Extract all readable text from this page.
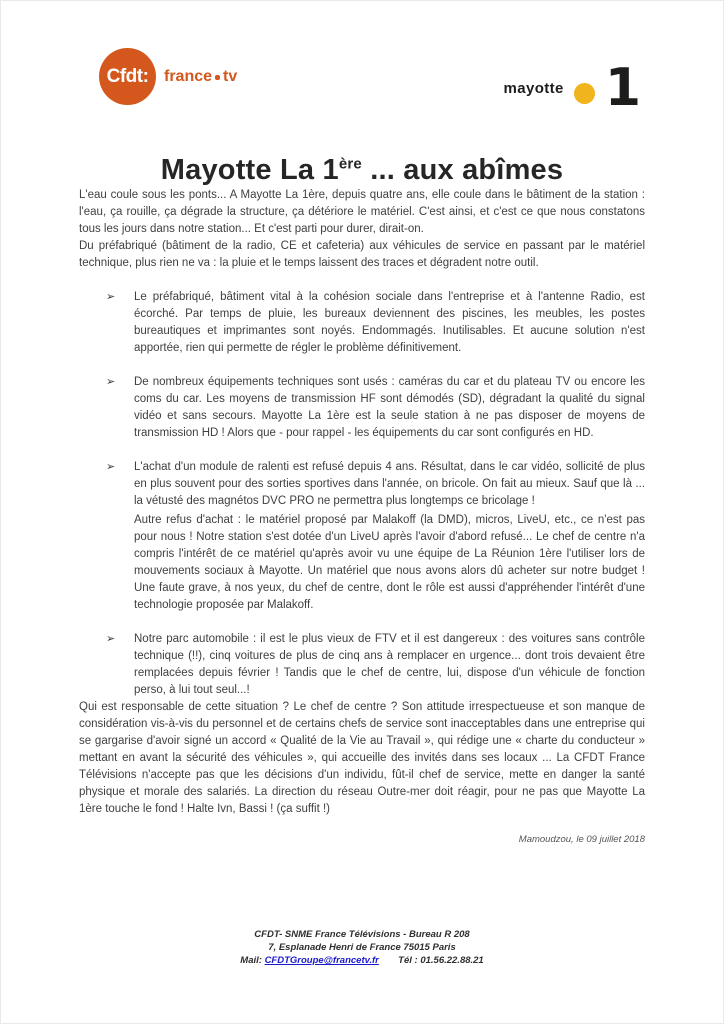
Cfdt: france tv
mayotte 1
Mayotte La 1ère ... aux abîmes

L'eau coule sous les ponts... A Mayotte La 1ère, depuis quatre ans, elle coule dans le bâtiment de la station : l'eau, ça rouille, ça dégrade la structure, ça détériore le matériel. C'est ainsi, et c'est ce que nous constatons tous les jours dans notre station... Et c'est parti pour durer, dirait-on.

Du préfabriqué (bâtiment de la radio, CE et cafeteria) aux véhicules de service en passant par le matériel technique, plus rien ne va : la pluie et le temps laissent des traces et dégradent notre outil.

➢ Le préfabriqué, bâtiment vital à la cohésion sociale dans l'entreprise et à l'antenne Radio, est écorché. Par temps de pluie, les bureaux deviennent des piscines, les meubles, les postes bureautiques et imprimantes sont noyés. Endommagés. Inutilisables. Et aucune solution n'est apportée, rien qui permette de régler le problème définitivement.

➢ De nombreux équipements techniques sont usés : caméras du car et du plateau TV ou encore les coms du car. Les moyens de transmission HF sont démodés (SD), dégradant la qualité du signal vidéo et sans secours. Mayotte La 1ère est la seule station à ne pas disposer de moyens de transmission HD ! Alors que - pour rappel - les équipements du car sont configurés en HD.

➢ L'achat d'un module de ralenti est refusé depuis 4 ans. Résultat, dans le car vidéo, sollicité de plus en plus souvent pour des sorties sportives dans l'année, on bricole. On fait au mieux. Sauf que là ... la vétusté des magnétos DVC PRO ne permettra plus longtemps ce bricolage !

Autre refus d'achat : le matériel proposé par Malakoff (la DMD), micros, LiveU, etc., ce n'est pas pour nous ! Notre station s'est dotée d'un LiveU après l'avoir d'abord refusé... Le chef de centre n'a compris l'intérêt de ce matériel qu'après avoir vu une équipe de La Réunion 1ère l'utiliser lors de mouvements sociaux à Mayotte. Un matériel que nous avons alors dû acheter sur notre budget ! Une faute grave, à nos yeux, du chef de centre, dont le rôle est aussi d'appréhender l'intérêt d'une technologie proposée par Malakoff.

➢ Notre parc automobile : il est le plus vieux de FTV et il est dangereux : des voitures sans contrôle technique (!!), cinq voitures de plus de cinq ans à remplacer en urgence... dont trois devaient être remplacées depuis février ! Tandis que le chef de centre, lui, dispose d'un véhicule de fonction perso, à lui tout seul...!

Qui est responsable de cette situation ? Le chef de centre ? Son attitude irrespectueuse et son manque de considération vis-à-vis du personnel et de certains chefs de service sont inacceptables dans une entreprise qui se gargarise d'avoir signé un accord « Qualité de la Vie au Travail », qui rédige une « charte du conducteur » mettant en avant la sécurité des véhicules », qui accueille des invités dans ses locaux ... La CFDT France Télévisions n'accepte pas que les décisions d'un individu, fût-il chef de service, mette en danger la santé physique et morale des salariés. La direction du réseau Outre-mer doit réagir, pour ne pas que Mayotte La 1ère touche le fond ! Halte Ivn, Bassi ! (ça suffit !)

Mamoudzou, le 09 juillet 2018
CFDT- SNME France Télévisions - Bureau R 208
7, Esplanade Henri de France 75015 Paris
Mail: CFDTGroupe@francetv.fr Tél : 01.56.22.88.21
